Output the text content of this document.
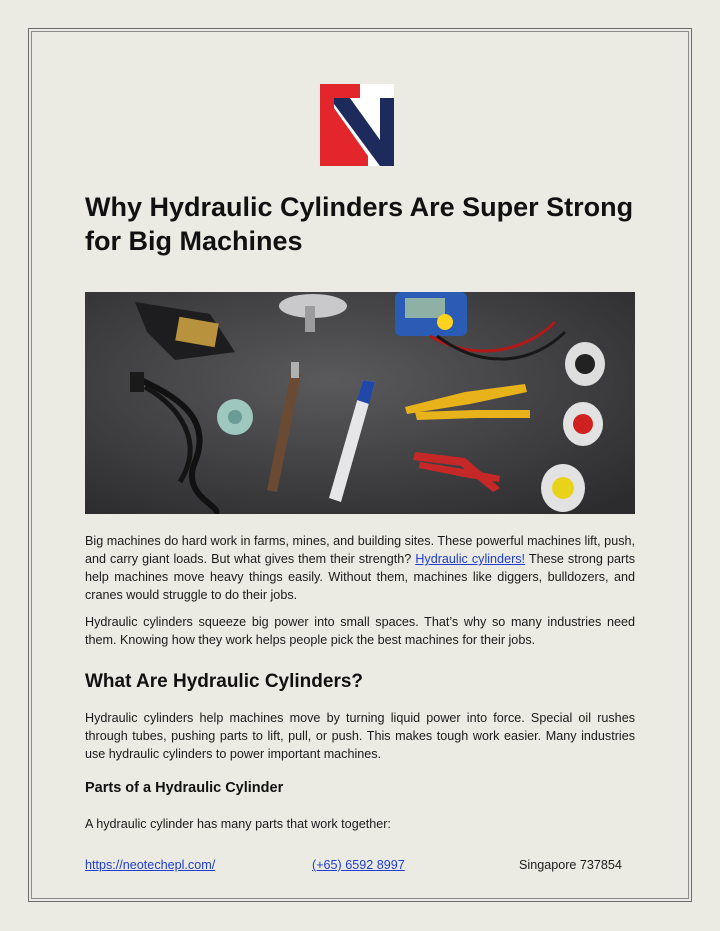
Why Hydraulic Cylinders Are Super Strong for Big Machines

Big machines do hard work in farms, mines, and building sites. These powerful machines lift, push, and carry giant loads. But what gives them their strength? Hydraulic cylinders! These strong parts help machines move heavy things easily. Without them, machines like diggers, bulldozers, and cranes would struggle to do their jobs.

Hydraulic cylinders squeeze big power into small spaces. That’s why so many industries need them. Knowing how they work helps people pick the best machines for their jobs.

What Are Hydraulic Cylinders?

Hydraulic cylinders help machines move by turning liquid power into force. Special oil rushes through tubes, pushing parts to lift, pull, or push. This makes tough work easier. Many industries use hydraulic cylinders to power important machines.

Parts of a Hydraulic Cylinder

A hydraulic cylinder has many parts that work together:

https://neotechepl.com/	(+65) 6592 8997	Singapore 737854
